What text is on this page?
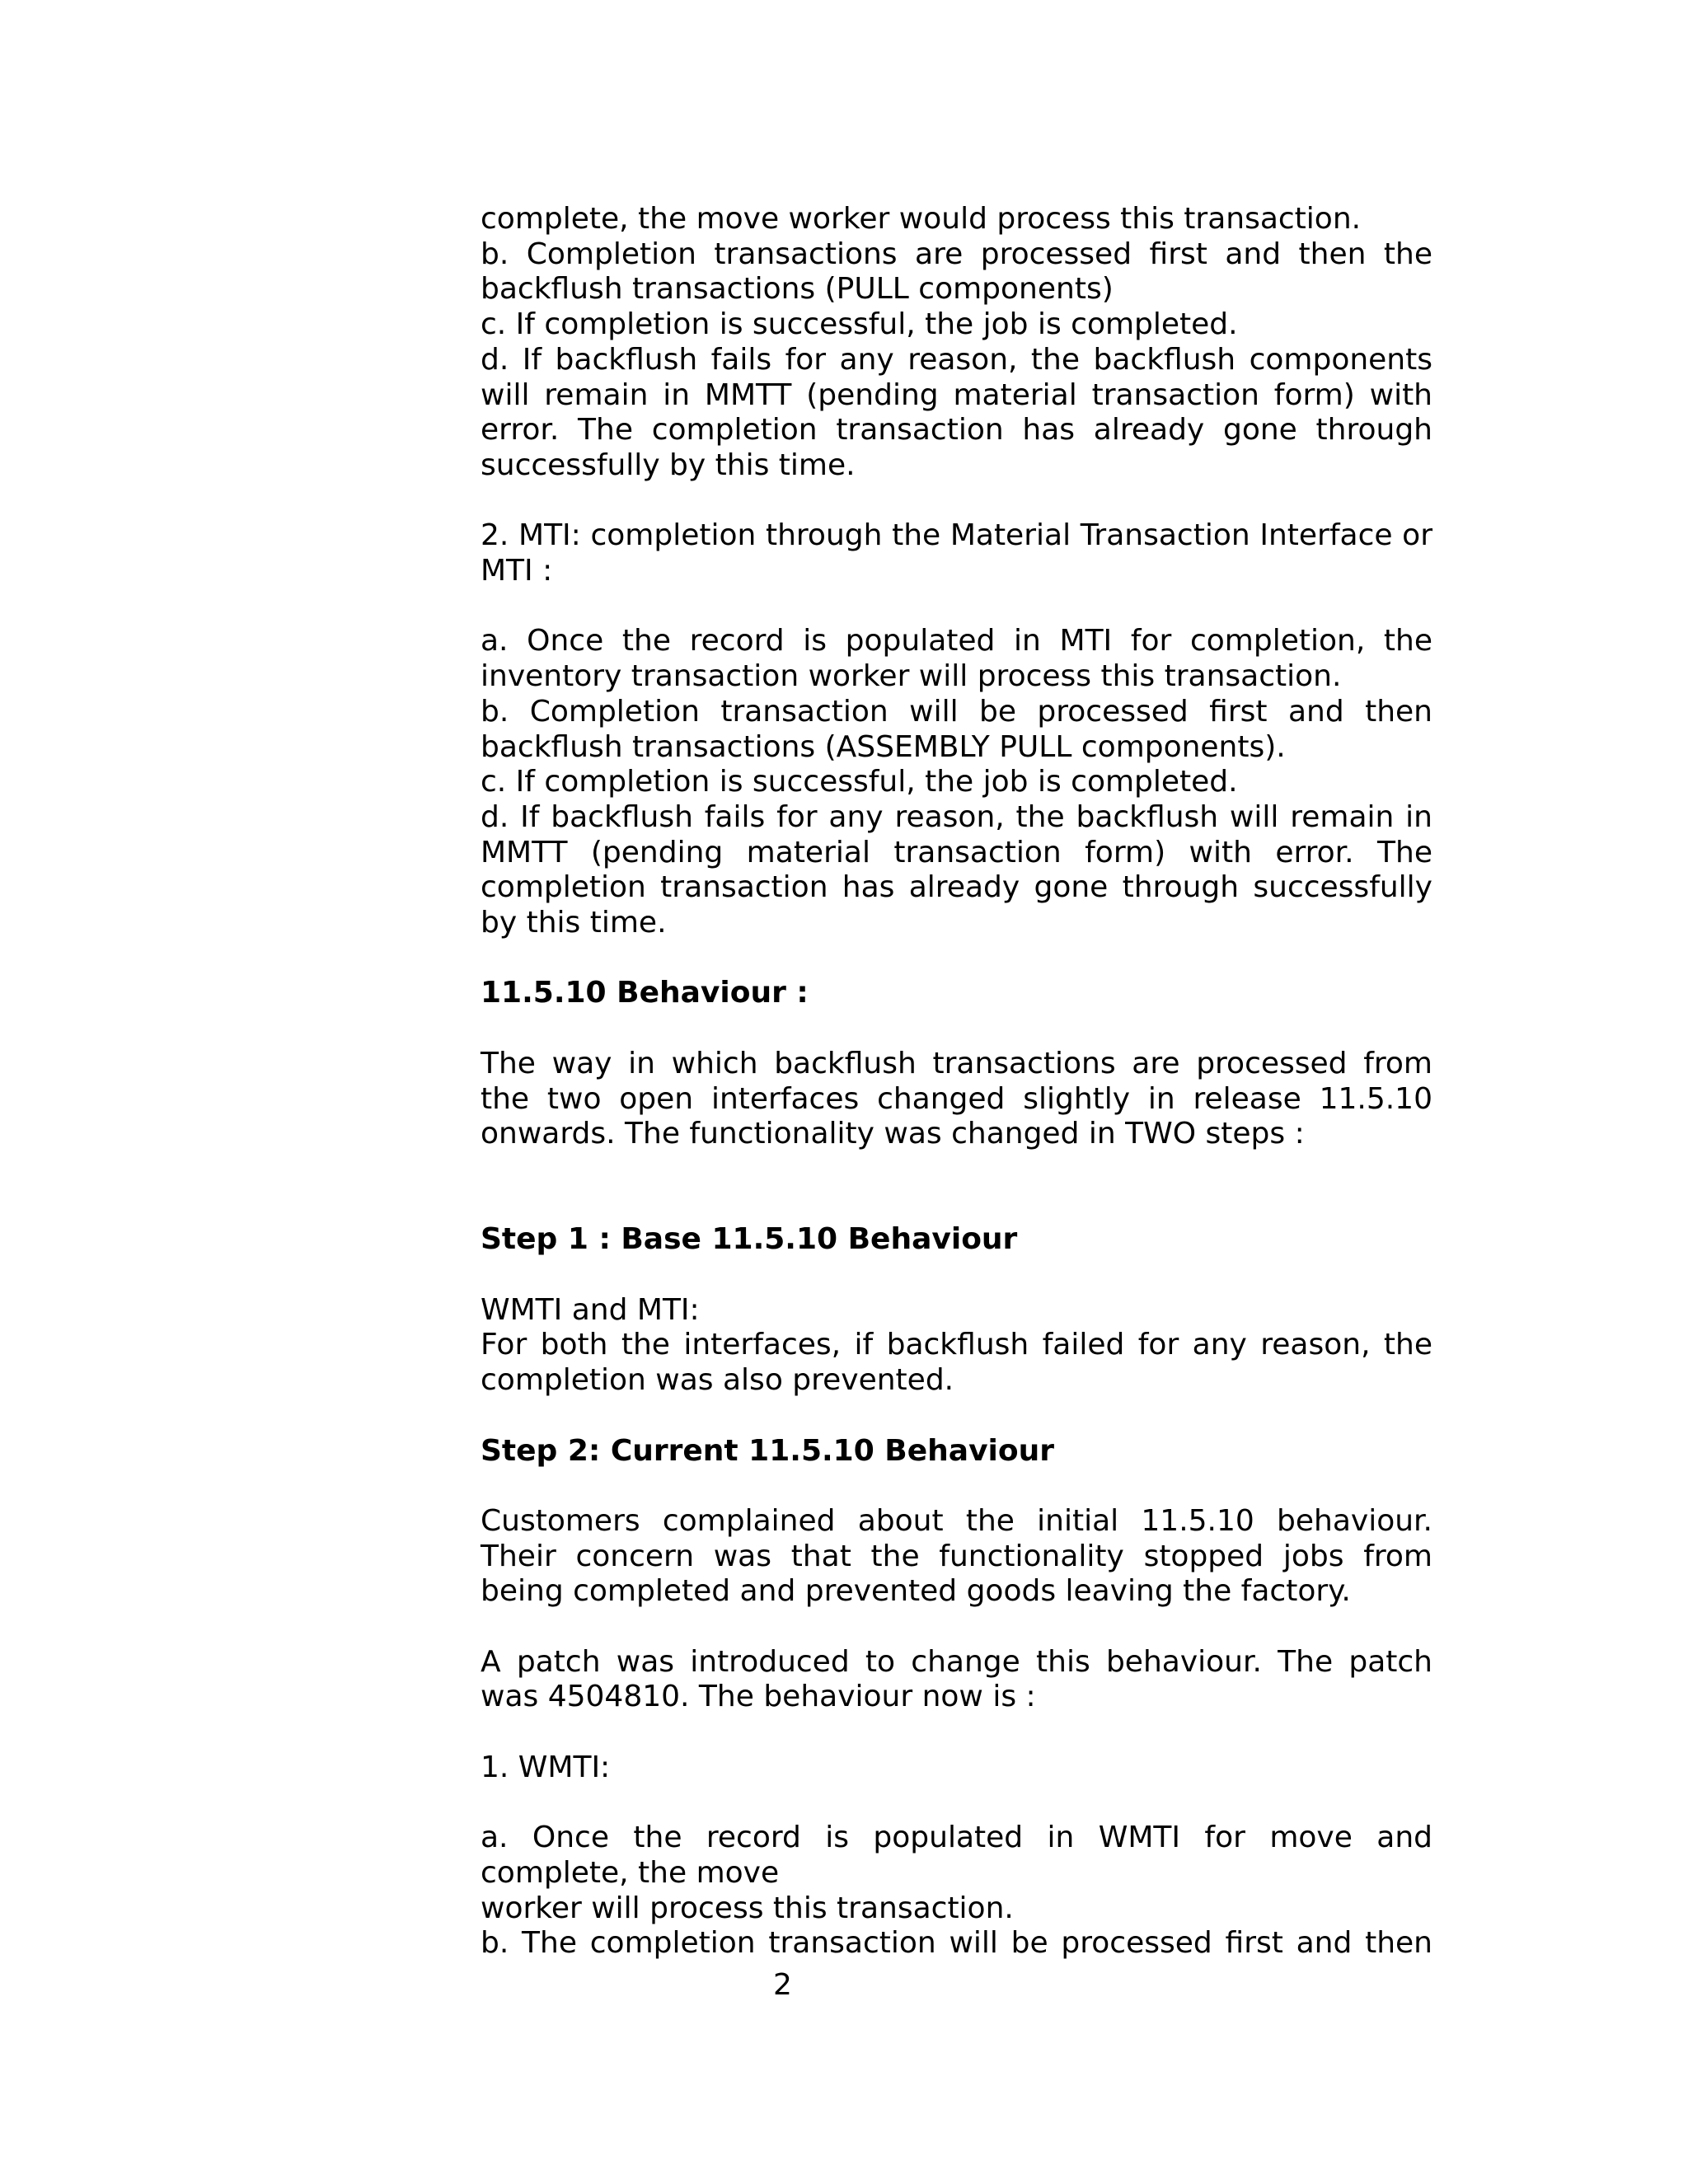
complete, the move worker would process this transaction.

b. Completion transactions are processed first and then the backflush transactions (PULL components)

c. If completion is successful, the job is completed.

d. If backflush fails for any reason, the backflush components will remain in MMTT (pending material transaction form) with error. The completion transaction has already gone through successfully by this time.

2. MTI: completion through the Material Transaction Interface or MTI :

a. Once the record is populated in MTI for completion, the inventory transaction worker will process this transaction.

b. Completion transaction will be processed first and then backflush transactions (ASSEMBLY PULL components).

c. If completion is successful, the job is completed.

d. If backflush fails for any reason, the backflush will remain in MMTT (pending material transaction form) with error. The completion transaction has already gone through successfully by this time.

11.5.10 Behaviour :

The way in which backflush transactions are processed from the two open interfaces changed slightly in release 11.5.10 onwards. The functionality was changed in TWO steps :

Step 1 : Base 11.5.10 Behaviour

WMTI and MTI:

For both the interfaces, if backflush failed for any reason, the completion was also prevented.

Step 2: Current 11.5.10 Behaviour

Customers complained about the initial 11.5.10 behaviour. Their concern was that the functionality stopped jobs from being completed and prevented goods leaving the factory.

A patch was introduced to change this behaviour. The patch was 4504810. The behaviour now is :

1. WMTI:

a. Once the record is populated in WMTI for move and complete, the move

worker will process this transaction.

b. The completion transaction will be processed first and then

2
